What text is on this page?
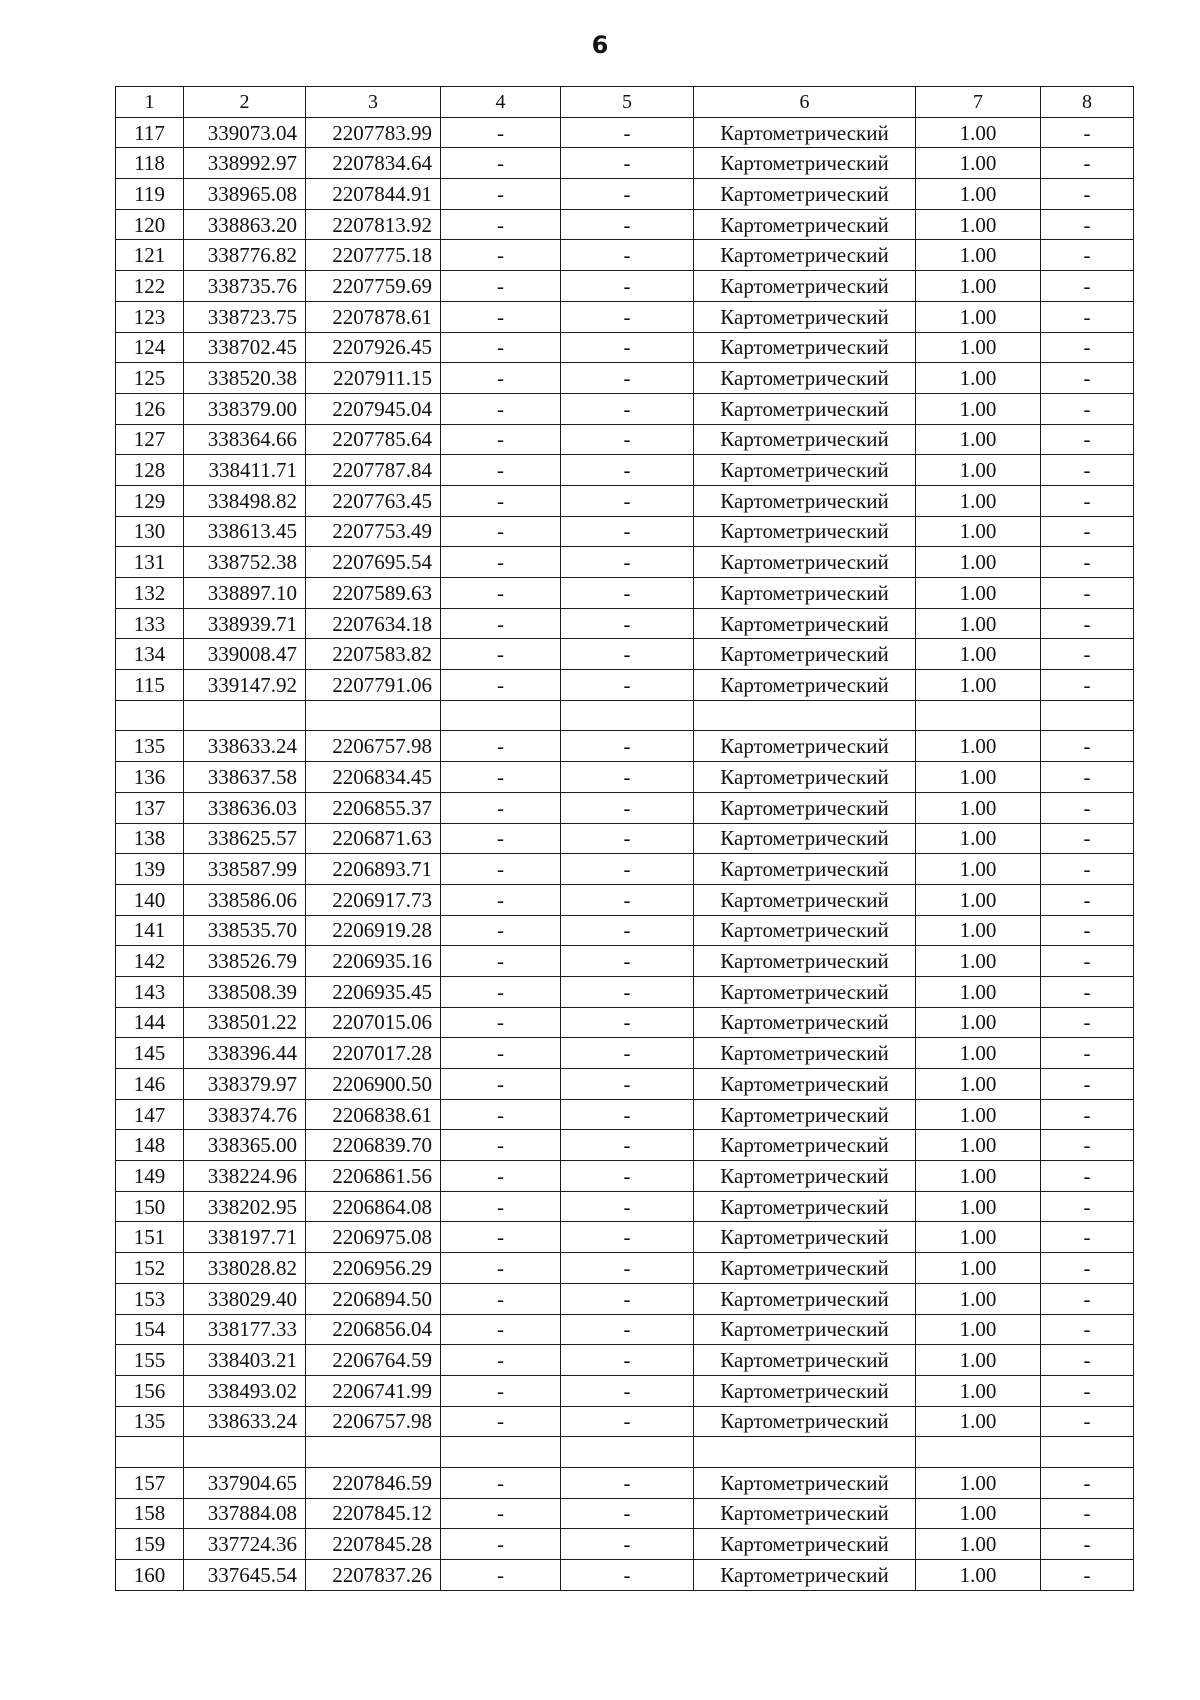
6
1	2	3	4	5	6	7	8
117	339073.04	2207783.99	-	-	Картометрический	1.00	-
118	338992.97	2207834.64	-	-	Картометрический	1.00	-
119	338965.08	2207844.91	-	-	Картометрический	1.00	-
120	338863.20	2207813.92	-	-	Картометрический	1.00	-
121	338776.82	2207775.18	-	-	Картометрический	1.00	-
122	338735.76	2207759.69	-	-	Картометрический	1.00	-
123	338723.75	2207878.61	-	-	Картометрический	1.00	-
124	338702.45	2207926.45	-	-	Картометрический	1.00	-
125	338520.38	2207911.15	-	-	Картометрический	1.00	-
126	338379.00	2207945.04	-	-	Картометрический	1.00	-
127	338364.66	2207785.64	-	-	Картометрический	1.00	-
128	338411.71	2207787.84	-	-	Картометрический	1.00	-
129	338498.82	2207763.45	-	-	Картометрический	1.00	-
130	338613.45	2207753.49	-	-	Картометрический	1.00	-
131	338752.38	2207695.54	-	-	Картометрический	1.00	-
132	338897.10	2207589.63	-	-	Картометрический	1.00	-
133	338939.71	2207634.18	-	-	Картометрический	1.00	-
134	339008.47	2207583.82	-	-	Картометрический	1.00	-
115	339147.92	2207791.06	-	-	Картометрический	1.00	-

135	338633.24	2206757.98	-	-	Картометрический	1.00	-
136	338637.58	2206834.45	-	-	Картометрический	1.00	-
137	338636.03	2206855.37	-	-	Картометрический	1.00	-
138	338625.57	2206871.63	-	-	Картометрический	1.00	-
139	338587.99	2206893.71	-	-	Картометрический	1.00	-
140	338586.06	2206917.73	-	-	Картометрический	1.00	-
141	338535.70	2206919.28	-	-	Картометрический	1.00	-
142	338526.79	2206935.16	-	-	Картометрический	1.00	-
143	338508.39	2206935.45	-	-	Картометрический	1.00	-
144	338501.22	2207015.06	-	-	Картометрический	1.00	-
145	338396.44	2207017.28	-	-	Картометрический	1.00	-
146	338379.97	2206900.50	-	-	Картометрический	1.00	-
147	338374.76	2206838.61	-	-	Картометрический	1.00	-
148	338365.00	2206839.70	-	-	Картометрический	1.00	-
149	338224.96	2206861.56	-	-	Картометрический	1.00	-
150	338202.95	2206864.08	-	-	Картометрический	1.00	-
151	338197.71	2206975.08	-	-	Картометрический	1.00	-
152	338028.82	2206956.29	-	-	Картометрический	1.00	-
153	338029.40	2206894.50	-	-	Картометрический	1.00	-
154	338177.33	2206856.04	-	-	Картометрический	1.00	-
155	338403.21	2206764.59	-	-	Картометрический	1.00	-
156	338493.02	2206741.99	-	-	Картометрический	1.00	-
135	338633.24	2206757.98	-	-	Картометрический	1.00	-

157	337904.65	2207846.59	-	-	Картометрический	1.00	-
158	337884.08	2207845.12	-	-	Картометрический	1.00	-
159	337724.36	2207845.28	-	-	Картометрический	1.00	-
160	337645.54	2207837.26	-	-	Картометрический	1.00	-
